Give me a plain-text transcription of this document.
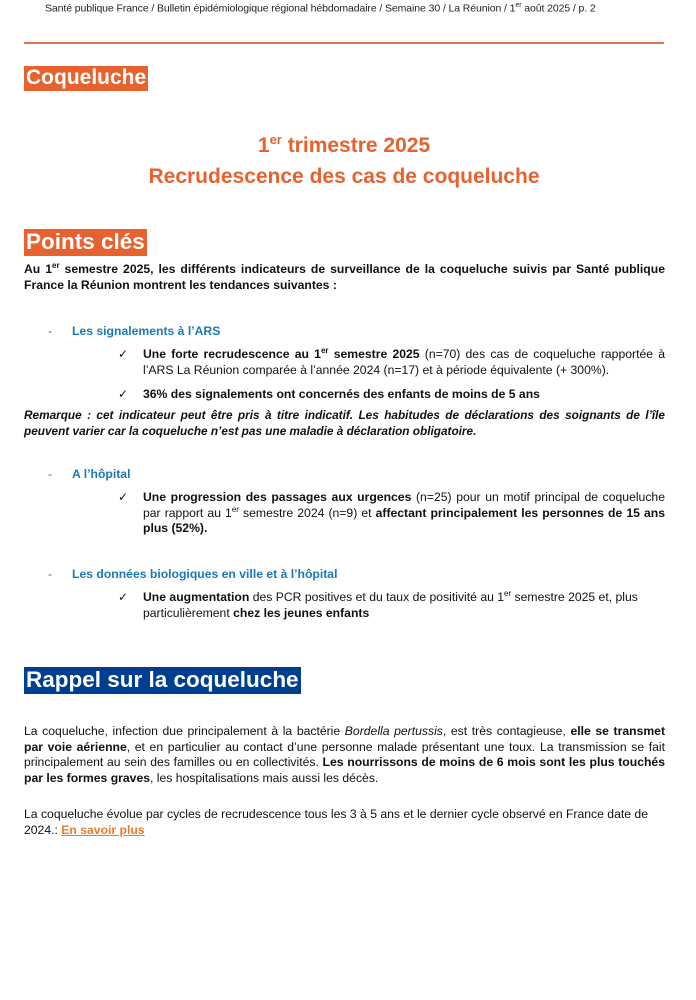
Santé publique France / Bulletin épidémiologique régional hébdomadaire / Semaine 30 / La Réunion / 1er août 2025 / p. 2
Coqueluche
1er trimestre 2025
Recrudescence des cas de coqueluche
Points clés
Au 1er semestre 2025, les différents indicateurs de surveillance de la coqueluche suivis par Santé publique France la Réunion montrent les tendances suivantes :
- Les signalements à l’ARS
✓ Une forte recrudescence au 1er semestre 2025 (n=70) des cas de coqueluche rapportée à l’ARS La Réunion comparée à l’année 2024 (n=17) et à période équivalente (+ 300%).
✓ 36% des signalements ont concernés des enfants de moins de 5 ans
Remarque : cet indicateur peut être pris à titre indicatif. Les habitudes de déclarations des soignants de l’île peuvent varier car la coqueluche n’est pas une maladie à déclaration obligatoire.
- A l’hôpital
✓ Une progression des passages aux urgences (n=25) pour un motif principal de coqueluche par rapport au 1er semestre 2024 (n=9) et affectant principalement les personnes de 15 ans plus (52%).
- Les données biologiques en ville et à l’hôpital
✓ Une augmentation des PCR positives et du taux de positivité au 1er semestre 2025 et, plus particulièrement chez les jeunes enfants
Rappel sur la coqueluche
La coqueluche, infection due principalement à la bactérie Bordella pertussis, est très contagieuse, elle se transmet par voie aérienne, et en particulier au contact d’une personne malade présentant une toux. La transmission se fait principalement au sein des familles ou en collectivités. Les nourrissons de moins de 6 mois sont les plus touchés par les formes graves, les hospitalisations mais aussi les décès.
La coqueluche évolue par cycles de recrudescence tous les 3 à 5 ans et le dernier cycle observé en France date de 2024.: En savoir plus
